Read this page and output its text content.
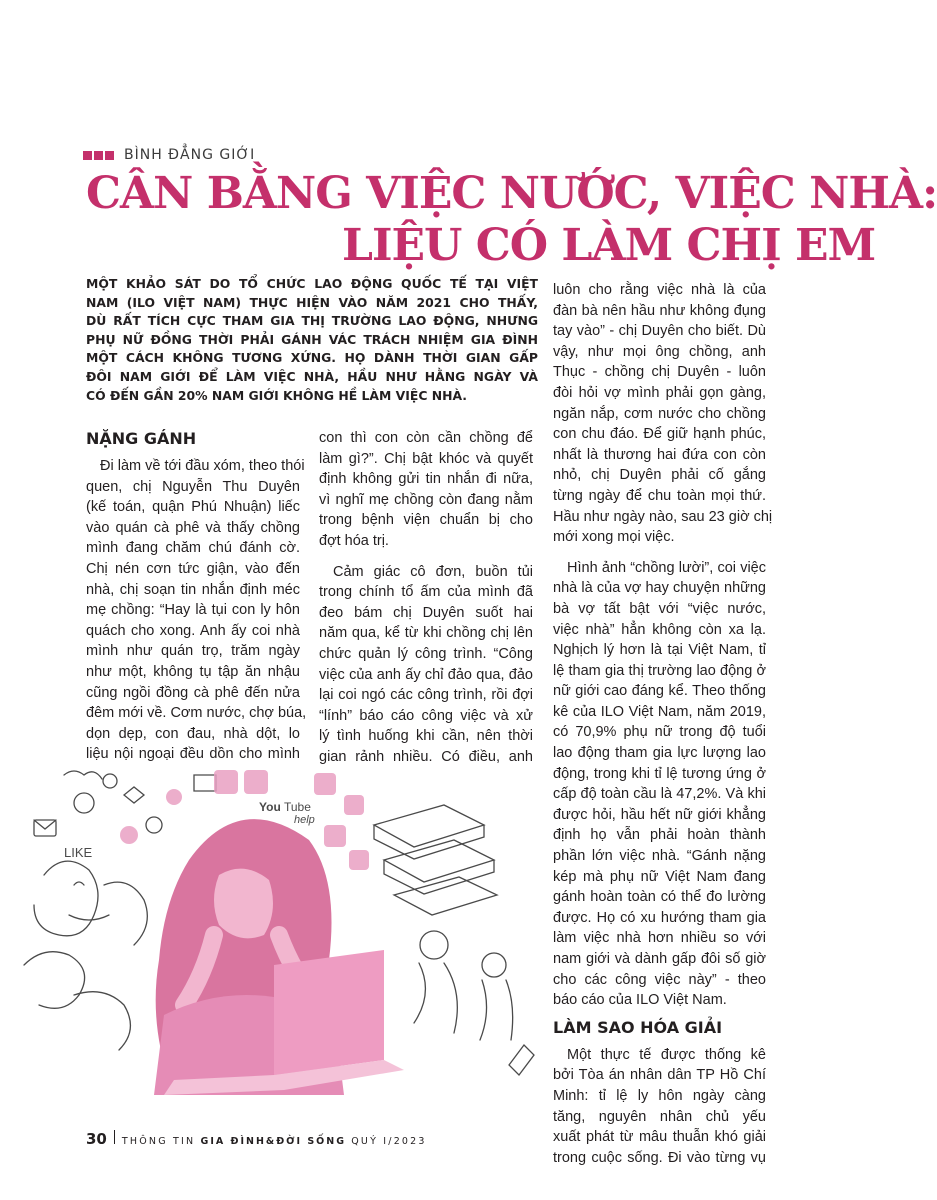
BÌNH ĐẲNG GIỚI
CÂN BẰNG VIỆC NƯỚC, VIỆC NHÀ:
LIỆU CÓ LÀM CHỊ EM
MỘT KHẢO SÁT DO TỔ CHỨC LAO ĐỘNG QUỐC TẾ TẠI VIỆT
NAM (ILO VIỆT NAM) THỰC HIỆN VÀO NĂM 2021 CHO THẤY,
DÙ RẤT TÍCH CỰC THAM GIA THỊ TRƯỜNG LAO ĐỘNG, NHƯNG
PHỤ NỮ ĐỒNG THỜI PHẢI GÁNH VÁC TRÁCH NHIỆM GIA ĐÌNH
MỘT CÁCH KHÔNG TƯƠNG XỨNG. HỌ DÀNH THỜI GIAN GẤP
ĐÔI NAM GIỚI ĐỂ LÀM VIỆC NHÀ, HẦU NHƯ HẰNG NGÀY VÀ
CÓ ĐẾN GẦN 20% NAM GIỚI KHÔNG HỀ LÀM VIỆC NHÀ.
NẶNG GÁNH
Đi làm về tới đầu xóm, theo thói
quen, chị Nguyễn Thu Duyên
(kế toán, quận Phú Nhuận) liếc
vào quán cà phê và thấy chồng
mình đang chăm chú đánh cờ.
Chị nén cơn tức giận, vào đến
nhà, chị soạn tin nhắn định méc
mẹ chồng: “Hay là tụi con ly hôn
quách cho xong. Anh ấy coi nhà
mình như quán trọ, trăm ngày
như một, không tụ tập ăn nhậu
cũng ngồi đồng cà phê đến nửa
đêm mới về. Cơm nước, chợ búa,
dọn dẹp, con đau, nhà dột, lo
liệu nội ngoại đều dồn cho mình
con thì con còn cần chồng để
làm gì?”. Chị bật khóc và quyết
định không gửi tin nhắn đi nữa,
vì nghĩ mẹ chồng còn đang nằm
trong bệnh viện chuẩn bị cho
đợt hóa trị.
Cảm giác cô đơn, buồn tủi
trong chính tổ ấm của mình đã
đeo bám chị Duyên suốt hai
năm qua, kể từ khi chồng chị lên
chức quản lý công trình. “Công
việc của anh ấy chỉ đảo qua, đảo
lại coi ngó các công trình, rồi đợi
“lính” báo cáo công việc và xử
lý tình huống khi cần, nên thời
gian rảnh nhiều. Có điều, anh
luôn cho rằng việc nhà là của
đàn bà nên hầu như không đụng
tay vào” - chị Duyên cho biết. Dù
vậy, như mọi ông chồng, anh
Thục - chồng chị Duyên - luôn
đòi hỏi vợ mình phải gọn gàng,
ngăn nắp, cơm nước cho chồng
con chu đáo. Để giữ hạnh phúc,
nhất là thương hai đứa con còn
nhỏ, chị Duyên phải cố gắng
từng ngày để chu toàn mọi thứ.
Hầu như ngày nào, sau 23 giờ chị
mới xong mọi việc.
Hình ảnh “chồng lười”, coi việc
nhà là của vợ hay chuyện những
bà vợ tất bật với “việc nước,
việc nhà” hẳn không còn xa lạ.
Nghịch lý hơn là tại Việt Nam, tỉ
lệ tham gia thị trường lao động ở
nữ giới cao đáng kể. Theo thống
kê của ILO Việt Nam, năm 2019,
có 70,9% phụ nữ trong độ tuổi
lao động tham gia lực lượng lao
động, trong khi tỉ lệ tương ứng ở
cấp độ toàn cầu là 47,2%. Và khi
được hỏi, hầu hết nữ giới khẳng
định họ vẫn phải hoàn thành
phần lớn việc nhà. “Gánh nặng
kép mà phụ nữ Việt Nam đang
gánh hoàn toàn có thể đo lường
được. Họ có xu hướng tham gia
làm việc nhà hơn nhiều so với
nam giới và dành gấp đôi số giờ
cho các công việc này” - theo
báo cáo của ILO Việt Nam.
LÀM SAO HÓA GIẢI
Một thực tế được thống kê
bởi Tòa án nhân dân TP Hồ Chí
Minh: tỉ lệ ly hôn ngày càng
tăng, nguyên nhân chủ yếu
xuất phát từ mâu thuẫn khó giải
trong cuộc sống. Đi vào từng vụ
You Tube
help
LIKE
30 THÔNG TIN GIA ĐÌNH&ĐỜI SỐNG QUÝ I/2023
